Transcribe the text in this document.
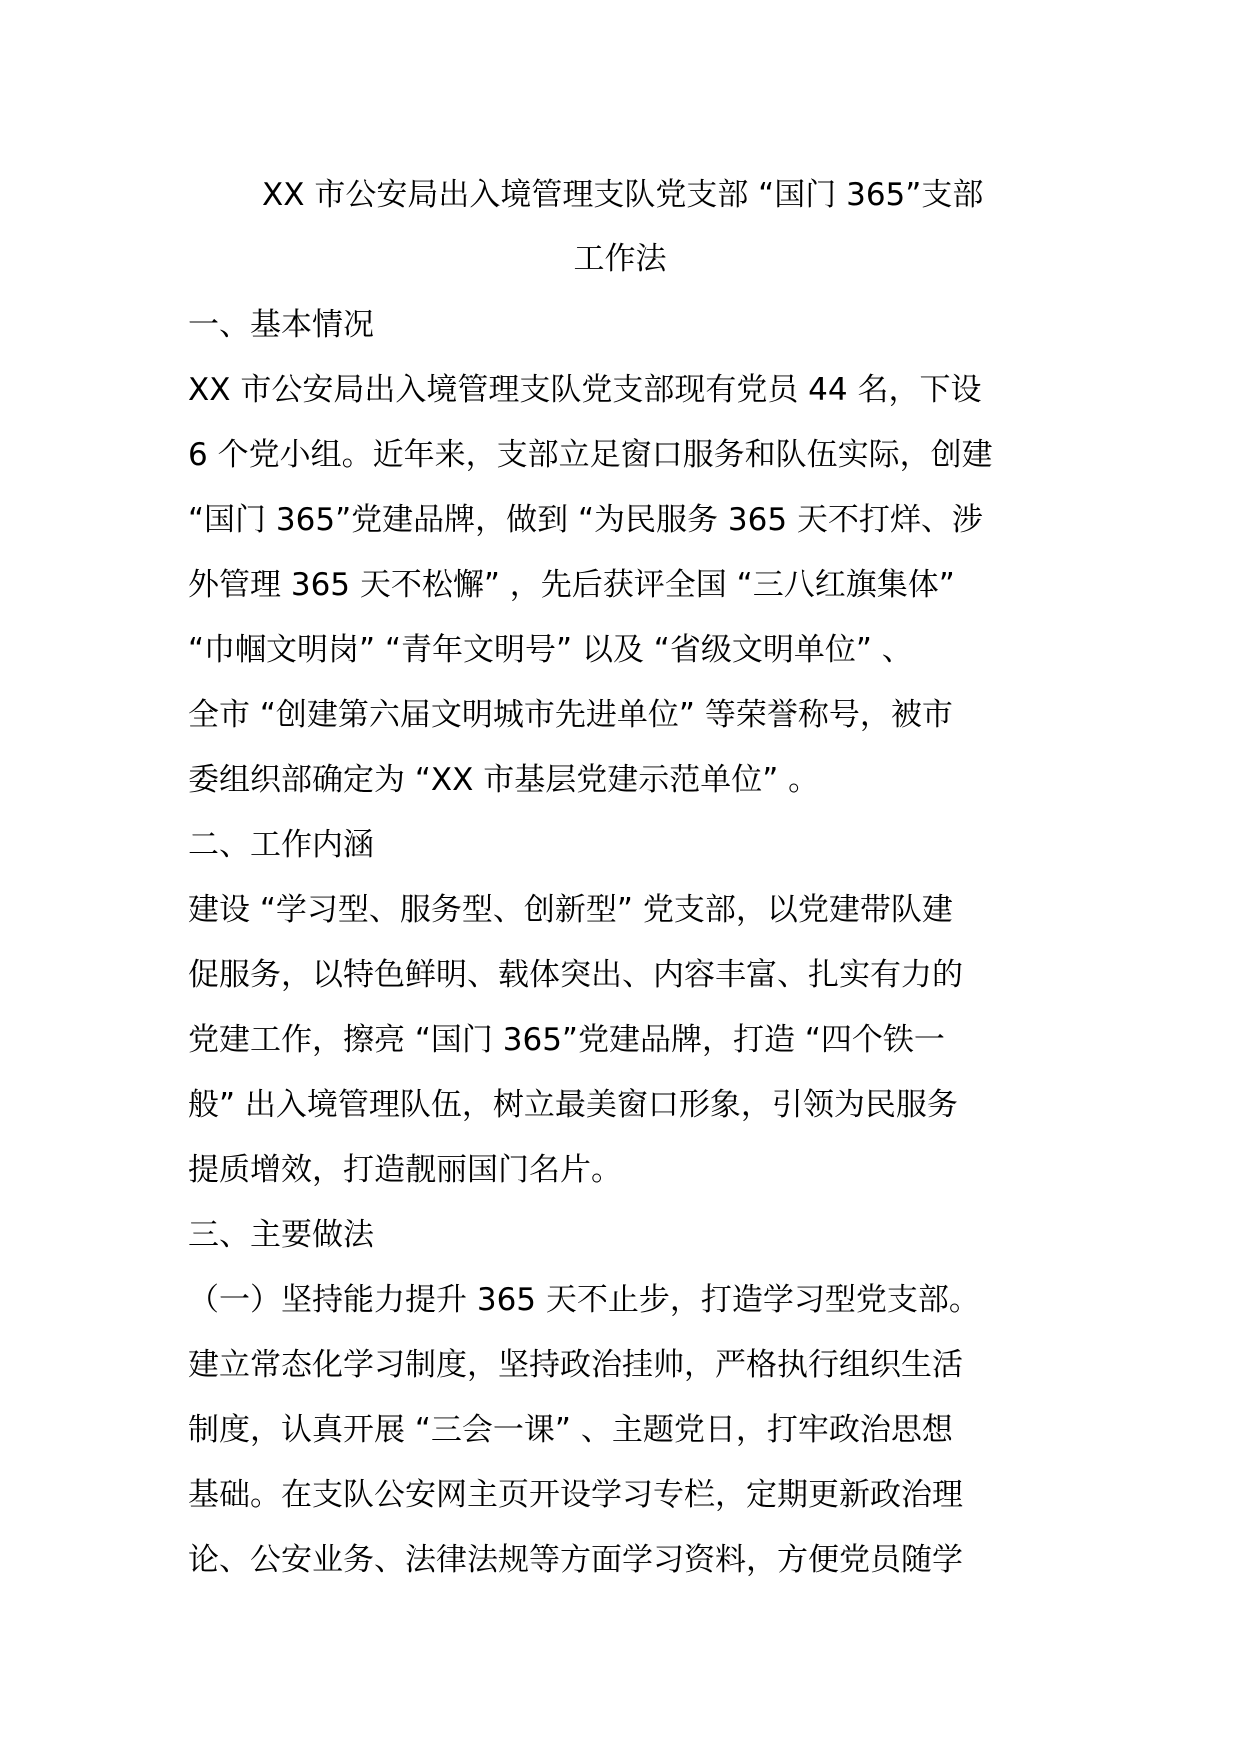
XX 市公安局出入境管理支队党支部 “国门 365”支部
工作法
一、基本情况
XX 市公安局出入境管理支队党支部现有党员 44 名，下设
6 个党小组。近年来，支部立足窗口服务和队伍实际，创建
“国门 365”党建品牌，做到 “为民服务 365 天不打烊、涉
外管理 365 天不松懈” ，先后获评全国 “三八红旗集体”
“巾帼文明岗” “青年文明号” 以及 “省级文明单位” 、
全市 “创建第六届文明城市先进单位” 等荣誉称号，被市
委组织部确定为 “XX 市基层党建示范单位” 。
二、工作内涵
建设 “学习型、服务型、创新型” 党支部，以党建带队建
促服务，以特色鲜明、载体突出、内容丰富、扎实有力的
党建工作，擦亮 “国门 365”党建品牌，打造 “四个铁一
般” 出入境管理队伍，树立最美窗口形象，引领为民服务
提质增效，打造靓丽国门名片。
三、主要做法
（一）坚持能力提升 365 天不止步，打造学习型党支部。
建立常态化学习制度，坚持政治挂帅，严格执行组织生活
制度，认真开展 “三会一课” 、主题党日，打牢政治思想
基础。在支队公安网主页开设学习专栏，定期更新政治理
论、公安业务、法律法规等方面学习资料，方便党员随学
